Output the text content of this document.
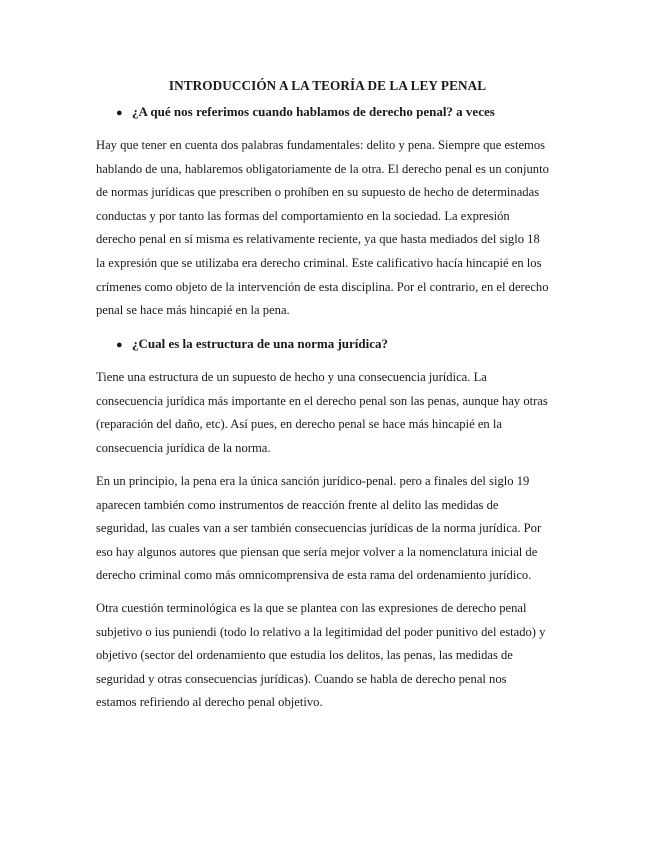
INTRODUCCIÓN A LA TEORÍA DE LA LEY PENAL
● ¿A qué nos referimos cuando hablamos de derecho penal? a veces

Hay que tener en cuenta dos palabras fundamentales: delito y pena. Siempre que estemos
hablando de una, hablaremos obligatoriamente de la otra. El derecho penal es un conjunto
de normas jurídicas que prescriben o prohíben en su supuesto de hecho de determinadas
conductas y por tanto las formas del comportamiento en la sociedad. La expresión
derecho penal en sí misma es relativamente reciente, ya que hasta mediados del siglo 18
la expresión que se utilizaba era derecho criminal. Este calificativo hacía hincapié en los
crímenes como objeto de la intervención de esta disciplina. Por el contrario, en el derecho
penal se hace más hincapié en la pena.

● ¿Cual es la estructura de una norma jurídica?

Tiene una estructura de un supuesto de hecho y una consecuencia jurídica. La
consecuencia jurídica más importante en el derecho penal son las penas, aunque hay otras
(reparación del daño, etc). Así pues, en derecho penal se hace más hincapié en la
consecuencia jurídica de la norma.

En un principio, la pena era la única sanción jurídico-penal. pero a finales del siglo 19
aparecen también como instrumentos de reacción frente al delito las medidas de
seguridad, las cuales van a ser también consecuencias jurídicas de la norma jurídica. Por
eso hay algunos autores que piensan que sería mejor volver a la nomenclatura inicial de
derecho criminal como más omnicomprensiva de esta rama del ordenamiento jurídico.

Otra cuestión terminológica es la que se plantea con las expresiones de derecho penal
subjetivo o ius puniendi (todo lo relativo a la legitimidad del poder punitivo del estado) y
objetivo (sector del ordenamiento que estudia los delitos, las penas, las medidas de
seguridad y otras consecuencias jurídicas). Cuando se habla de derecho penal nos
estamos refiriendo al derecho penal objetivo.
